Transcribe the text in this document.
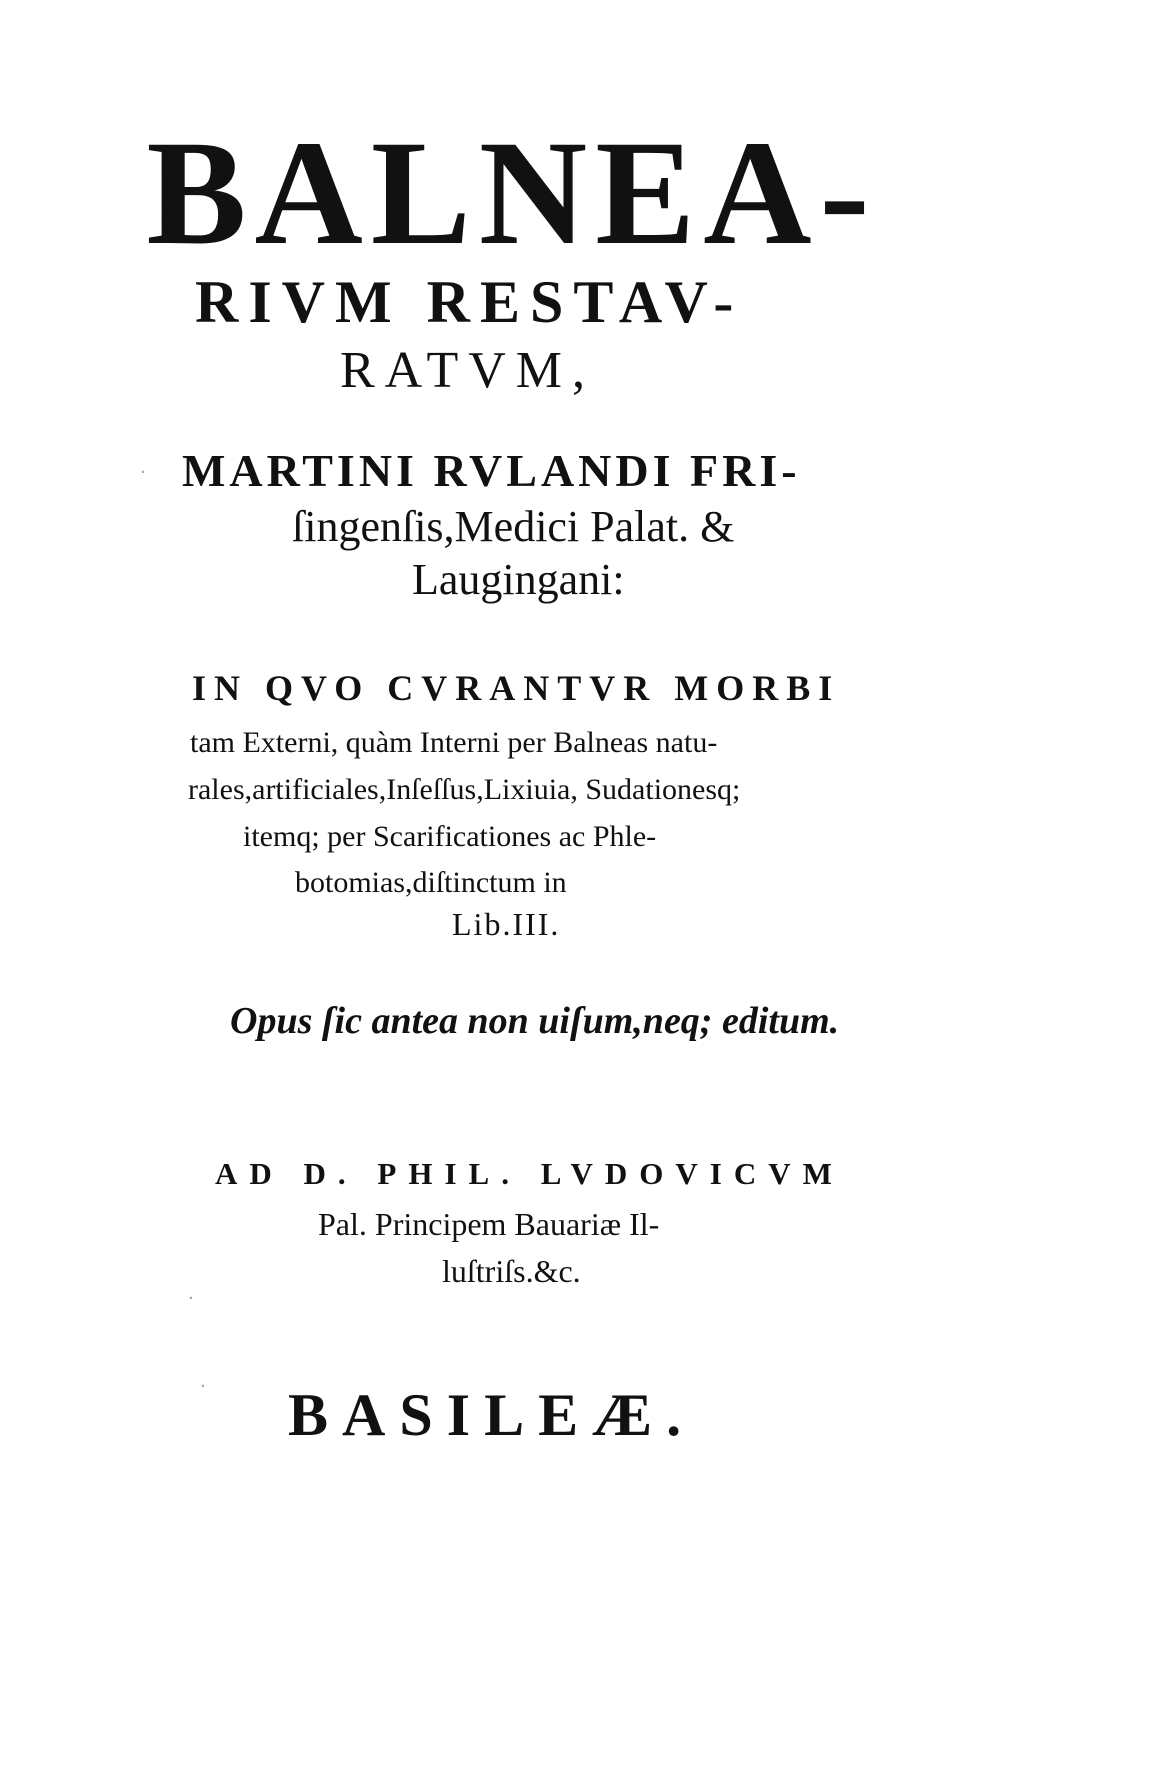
BALNEA-
RIVM RESTAV-
RATVM,
MARTINI RVLANDI FRI-
ſingenſis,Medici Palat. &
Laugingani:
IN QVO CVRANTVR MORBI
tam Externi, quàm Interni per Balneas natu-
rales,artificiales,Inſeſſus,Lixiuia, Sudationesq;
itemq; per Scarificationes ac Phle-
botomias,diſtinctum in
Lib.III.
Opus ſic antea non uiſum,neq; editum.
AD D. PHIL. LVDOVICVM
Pal. Principem Bauariæ Il-
luſtriſs.&c.
BASILEÆ.
·
·
·
